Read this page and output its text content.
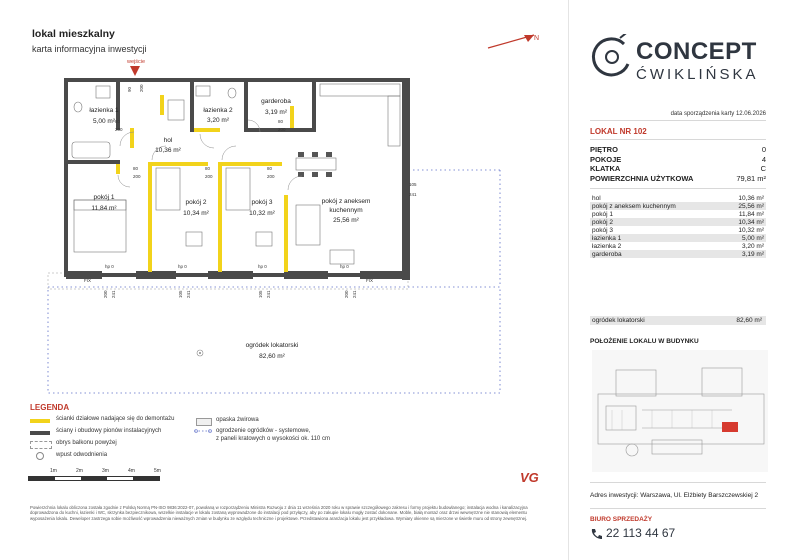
lokal mieszkalny
karta informacyjna inwestycji
N
wejście
łazienka 1
5,00 m²
łazienka 2
3,20 m²
garderoba
3,19 m²
hol
10,36 m²
pokój 1
11,84 m²
pokój 2
10,34 m²
pokój 3
10,32 m²
pokój z aneksem
kuchennym
25,56 m²
ogródek lokatorski
82,60 m²
80
200
80
200
80
200
80
200
80
200
105
241
FIX	FIX
hp 0	hp 0	hp 0	hp 0
90 200
200 241	105 241	105 241	200 241
LEGENDA
ścianki działowe nadające się do demontażu
ściany i obudowy pionów instalacyjnych
obrys balkonu powyżej
wpust odwodnienia
opaska żwirowa
ogrodzenie ogródków - systemowe,
z paneli kratowych o wysokości ok. 110 cm
1m	2m	3m	4m	5m	VG
Powierzchnia lokalu obliczona została zgodnie z Polską Normą PN-ISO 9836:2022-07, powołaną w rozporządzeniu Ministra Rozwoju z dnia 11 września 2020 roku w sprawie szczegółowego zakresu i formy projektu budowlanego; instalacja wodna i kanalizacyjna doprowadzona do kuchni, łazienki i WC, skrzynka bezpiecznikowa, wszelkie instalacje w lokalu zostaną wyprowadzone do instalacji pod przyłączy, aby po zakupie lokalu mogły zostać dokonane. Moble, białą montaż oraz drzwi wewnętrzne nie stanowią elementu wyposażenia lokalu. Deweloper zastrzega sobie możliwość wprowadzenia nieważnych zmian w budynku ze względu techniczne i projektowe. Przedstawiona aranżacja lokalu jest przykładowa. Wymiary okienne są mierzone w świetle muru od strony zewnętrznej.
CONCEPT
ĆWIKLIŃSKA
data sporządzenia karty 12.06.2026
LOKAL NR 102
PIĘTRO	0
POKOJE	4
KLATKA	C
POWIERZCHNIA UŻYTKOWA	79,81 m²
hol	10,36 m²
pokój z aneksem kuchennym	25,56 m²
pokój 1	11,84 m²
pokój 2	10,34 m²
pokój 3	10,32 m²
łazienka 1	5,00 m²
łazienka 2	3,20 m²
garderoba	3,19 m²
ogródek lokatorski	82,60 m²
POŁOŻENIE LOKALU W BUDYNKU
Adres inwestycji: Warszawa, Ul. Elżbiety Barszczewskiej 2
BIURO SPRZEDAŻY
22 113 44 67
